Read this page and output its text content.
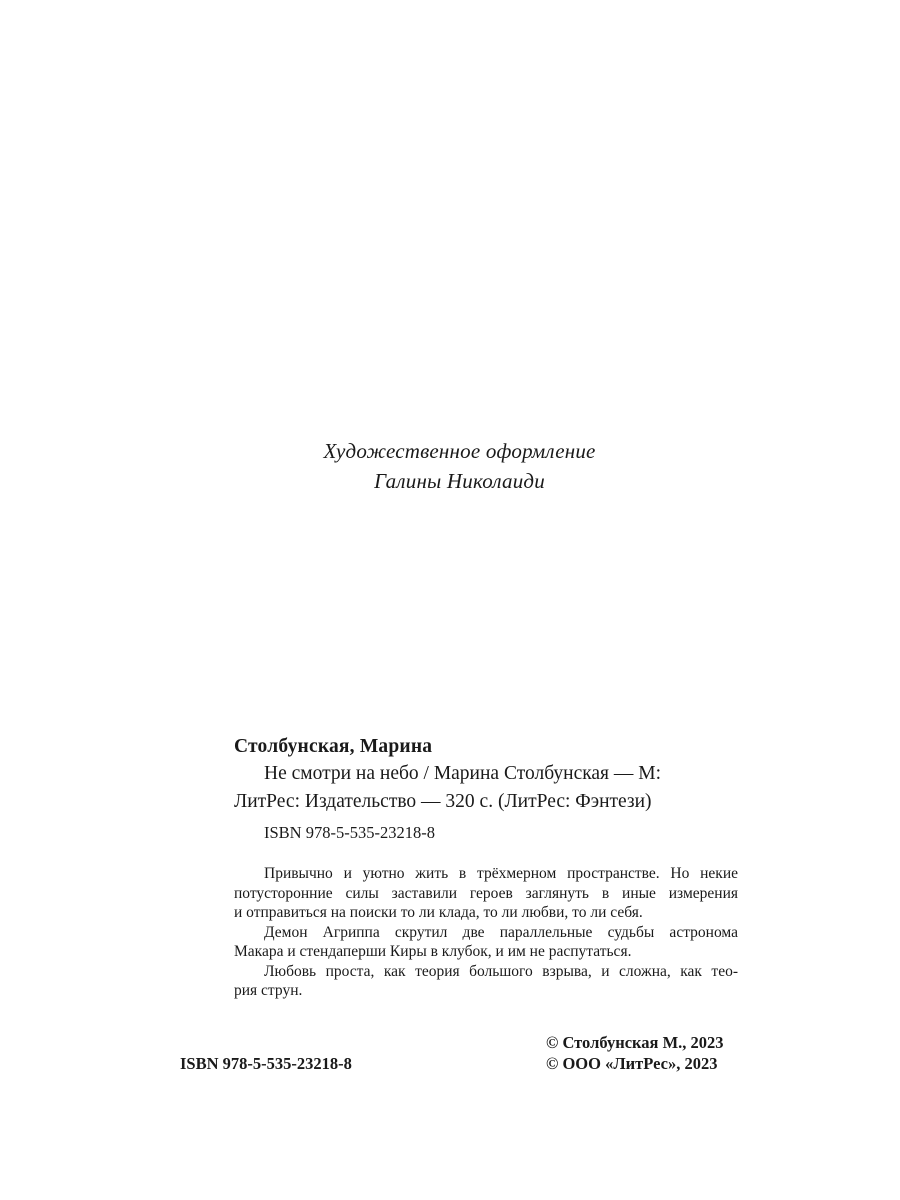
Художественное оформление
Галины Николаиди
Столбунская, Марина

Не смотри на небо / Марина Столбунская — М:

ЛитРес: Издательство — 320 с. (ЛитРес: Фэнтези)

ISBN 978-5-535-23218-8
Привычно и уютно жить в трёхмерном пространстве. Но некие
потусторонние силы заставили героев заглянуть в иные измерения
и отправиться на поиски то ли клада, то ли любви, то ли себя.
Демон Агриппа скрутил две параллельные судьбы астронома
Макара и стендаперши Киры в клубок, и им не распутаться.
Любовь проста, как теория большого взрыва, и сложна, как тео-
рия струн.
ISBN 978-5-535-23218-8
© Столбунская М., 2023
© ООО «ЛитРес», 2023
